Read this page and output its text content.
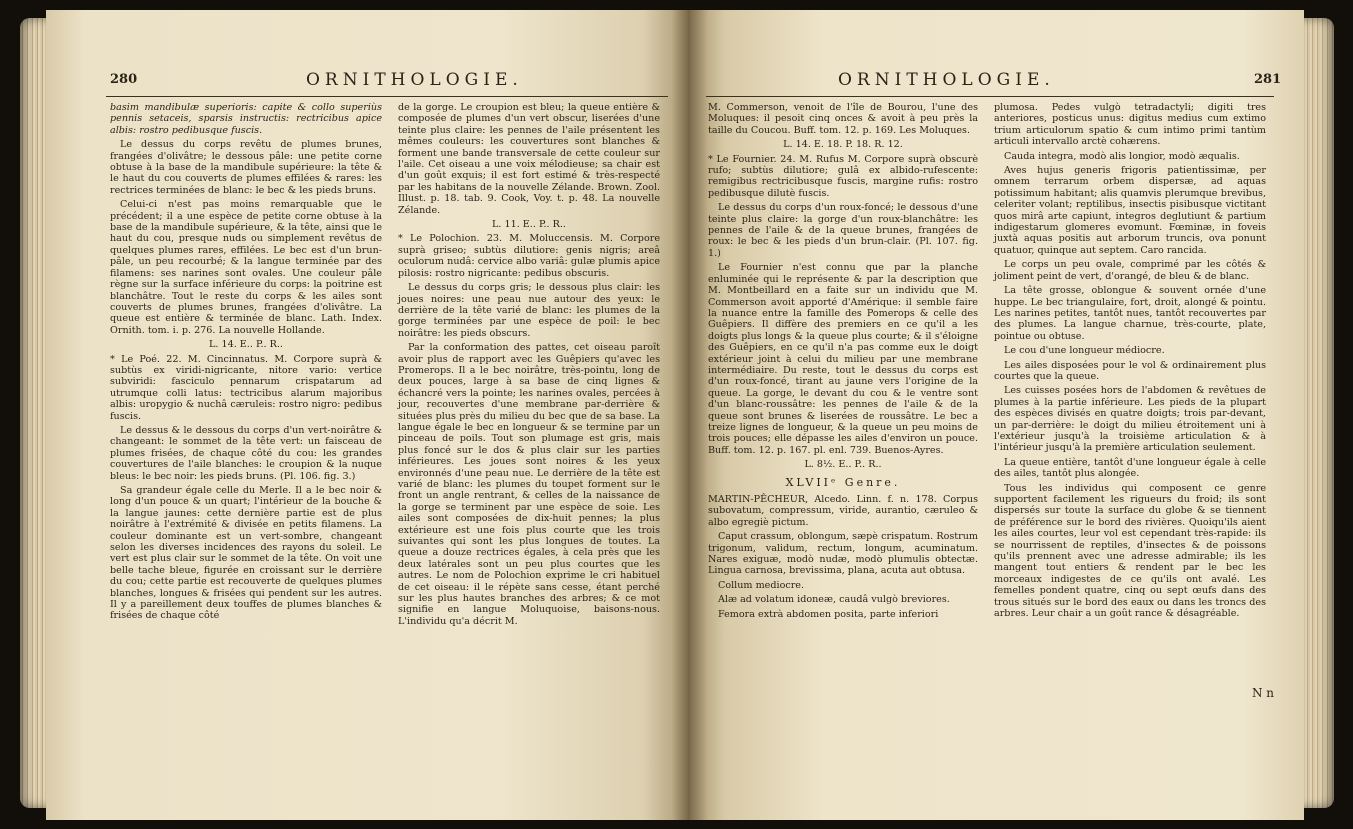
280	ORNITHOLOGIE.

basim mandibulæ superioris: capite & collo superiùs pennis setaceis, sparsis instructis: rectricibus apice albis: rostro pedibusque fuscis.

Le dessus du corps revêtu de plumes brunes, frangées d'olivâtre; le dessous pâle: une petite corne obtuse à la base de la mandibule supérieure: la tête & le haut du cou couverts de plumes effilées & rares: les rectrices terminées de blanc: le bec & les pieds bruns.

Celui-ci n'est pas moins remarquable que le précédent; il a une espèce de petite corne obtuse à la base de la mandibule supérieure, & la tête, ainsi que le haut du cou, presque nuds ou simplement revêtus de quelques plumes rares, effilées. Le bec est d'un brun-pâle, un peu recourbé; & la langue terminée par des filamens: ses narines sont ovales. Une couleur pâle règne sur la surface inférieure du corps: la poitrine est blanchâtre. Tout le reste du corps & les ailes sont couverts de plumes brunes, frangées d'olivâtre. La queue est entière & terminée de blanc. Lath. Index. Ornith. tom. i. p. 276. La nouvelle Hollande.

L. 14. E.. P.. R..

* Le Poé. 22. M. Cincinnatus. M. Corpore suprà & subtùs ex viridi-nigricante, nitore vario: vertice subviridi: fasciculo pennarum crispatarum ad utrumque colli latus: tectricibus alarum majoribus albis: uropygio & nuchâ cæruleis: rostro nigro: pedibus fuscis.

Le dessus & le dessous du corps d'un vert-noirâtre & changeant: le sommet de la tête vert: un faisceau de plumes frisées, de chaque côté du cou: les grandes couvertures de l'aile blanches: le croupion & la nuque bleus: le bec noir: les pieds bruns. (Pl. 106. fig. 3.)

Sa grandeur égale celle du Merle. Il a le bec noir & long d'un pouce & un quart; l'intérieur de la bouche & la langue jaunes: cette dernière partie est de plus noirâtre à l'extrémité & divisée en petits filamens. La couleur dominante est un vert-sombre, changeant selon les diverses incidences des rayons du soleil. Le vert est plus clair sur le sommet de la tête. On voit une belle tache bleue, figurée en croissant sur le derrière du cou; cette partie est recouverte de quelques plumes blanches, longues & frisées qui pendent sur les autres. Il y a pareillement deux touffes de plumes blanches & frisées de chaque côté

de la gorge. Le croupion est bleu; la queue entière & composée de plumes d'un vert obscur, liserées d'une teinte plus claire: les pennes de l'aile présentent les mêmes couleurs: les couvertures sont blanches & forment une bande transversale de cette couleur sur l'aile. Cet oiseau a une voix mélodieuse; sa chair est d'un goût exquis; il est fort estimé & très-respecté par les habitans de la nouvelle Zélande. Brown. Zool. Illust. p. 18. tab. 9. Cook, Voy. t. p. 48. La nouvelle Zélande.

L. 11. E.. P.. R..

* Le Polochion. 23. M. Moluccensis. M. Corpore suprà griseo; subtùs dilutiore: genis nigris; areâ oculorum nudâ: cervice albo variâ: gulæ plumis apice pilosis: rostro nigricante: pedibus obscuris.

Le dessus du corps gris; le dessous plus clair: les joues noires: une peau nue autour des yeux: le derrière de la tête varié de blanc: les plumes de la gorge terminées par une espèce de poil: le bec noirâtre: les pieds obscurs.

Par la conformation des pattes, cet oiseau paroît avoir plus de rapport avec les Guêpiers qu'avec les Promerops. Il a le bec noirâtre, très-pointu, long de deux pouces, large à sa base de cinq lignes & échancré vers la pointe; les narines ovales, percées à jour, recouvertes d'une membrane par-derrière & situées plus près du milieu du bec que de sa base. La langue égale le bec en longueur & se termine par un pinceau de poils. Tout son plumage est gris, mais plus foncé sur le dos & plus clair sur les parties inférieures. Les joues sont noires & les yeux environnés d'une peau nue. Le derrière de la tête est varié de blanc: les plumes du toupet forment sur le front un angle rentrant, & celles de la naissance de la gorge se terminent par une espèce de soie. Les ailes sont composées de dix-huit pennes; la plus extérieure est une fois plus courte que les trois suivantes qui sont les plus longues de toutes. La queue a douze rectrices égales, à cela près que les deux latérales sont un peu plus courtes que les autres. Le nom de Polochion exprime le cri habituel de cet oiseau: il le répète sans cesse, étant perché sur les plus hautes branches des arbres; & ce mot signifie en langue Moluquoise, baisons-nous. L'individu qu'a décrit M.

ORNITHOLOGIE.	281

M. Commerson, venoit de l'île de Bourou, l'une des Moluques: il pesoit cinq onces & avoit à peu près la taille du Coucou. Buff. tom. 12. p. 169. Les Moluques.

L. 14. E. 18. P. 18. R. 12.

* Le Fournier. 24. M. Rufus M. Corpore suprà obscurè rufo; subtùs dilutiore; gulâ ex albido-rufescente: remigibus rectricibusque fuscis, margine rufis: rostro pedibusque dilutè fuscis.

Le dessus du corps d'un roux-foncé; le dessous d'une teinte plus claire: la gorge d'un roux-blanchâtre: les pennes de l'aile & de la queue brunes, frangées de roux: le bec & les pieds d'un brun-clair. (Pl. 107. fig. 1.)

Le Fournier n'est connu que par la planche enluminée qui le représente & par la description que M. Montbeillard en a faite sur un individu que M. Commerson avoit apporté d'Amérique: il semble faire la nuance entre la famille des Pomerops & celle des Guêpiers. Il diffère des premiers en ce qu'il a les doigts plus longs & la queue plus courte; & il s'éloigne des Guêpiers, en ce qu'il n'a pas comme eux le doigt extérieur joint à celui du milieu par une membrane intermédiaire. Du reste, tout le dessus du corps est d'un roux-foncé, tirant au jaune vers l'origine de la queue. La gorge, le devant du cou & le ventre sont d'un blanc-roussâtre: les pennes de l'aile & de la queue sont brunes & liserées de roussâtre. Le bec a treize lignes de longueur, & la queue un peu moins de trois pouces; elle dépasse les ailes d'environ un pouce. Buff. tom. 12. p. 167. pl. enl. 739. Buenos-Ayres.

L. 8½. E.. P.. R..

XLVIIᵉ Genre.

MARTIN-PÊCHEUR, Alcedo. Linn. f. n. 178. Corpus subovatum, compressum, viride, aurantio, cæruleo & albo egregiè pictum.

Caput crassum, oblongum, sæpè crispatum. Rostrum trigonum, validum, rectum, longum, acuminatum. Nares exiguæ, modò nudæ, modò plumulis obtectæ. Lingua carnosa, brevissima, plana, acuta aut obtusa.

Collum mediocre.

Alæ ad volatum idoneæ, caudâ vulgò breviores.

Femora extrà abdomen posita, parte inferiori

plumosa. Pedes vulgò tetradactyli; digiti tres anteriores, posticus unus: digitus medius cum extimo trium articulorum spatio & cum intimo primi tantùm articuli intervallo arctè cohærens.

Cauda integra, modò alis longior, modò æqualis.

Aves hujus generis frigoris patientissimæ, per omnem terrarum orbem dispersæ, ad aquas potissimum habitant; alis quamvis plerumque brevibus, celeriter volant; reptilibus, insectis pisibusque victitant quos mirâ arte capiunt, integros deglutiunt & partium indigestarum glomeres evomunt. Fœminæ, in foveis juxtà aquas positis aut arborum truncis, ova ponunt quatuor, quinque aut septem. Caro rancida.

Le corps un peu ovale, comprimé par les côtés & joliment peint de vert, d'orangé, de bleu & de blanc.

La tête grosse, oblongue & souvent ornée d'une huppe. Le bec triangulaire, fort, droit, alongé & pointu. Les narines petites, tantôt nues, tantôt recouvertes par des plumes. La langue charnue, très-courte, plate, pointue ou obtuse.

Le cou d'une longueur médiocre.

Les ailes disposées pour le vol & ordinairement plus courtes que la queue.

Les cuisses posées hors de l'abdomen & revêtues de plumes à la partie inférieure. Les pieds de la plupart des espèces divisés en quatre doigts; trois par-devant, un par-derrière: le doigt du milieu étroitement uni à l'extérieur jusqu'à la troisième articulation & à l'intérieur jusqu'à la première articulation seulement.

La queue entière, tantôt d'une longueur égale à celle des ailes, tantôt plus alongée.

Tous les individus qui composent ce genre supportent facilement les rigueurs du froid; ils sont dispersés sur toute la surface du globe & se tiennent de préférence sur le bord des rivières. Quoiqu'ils aient les ailes courtes, leur vol est cependant très-rapide: ils se nourrissent de reptiles, d'insectes & de poissons qu'ils prennent avec une adresse admirable; ils les mangent tout entiers & rendent par le bec les morceaux indigestes de ce qu'ils ont avalé. Les femelles pondent quatre, cinq ou sept œufs dans des trous situés sur le bord des eaux ou dans les troncs des arbres. Leur chair a un goût rance & désagréable.

N n
